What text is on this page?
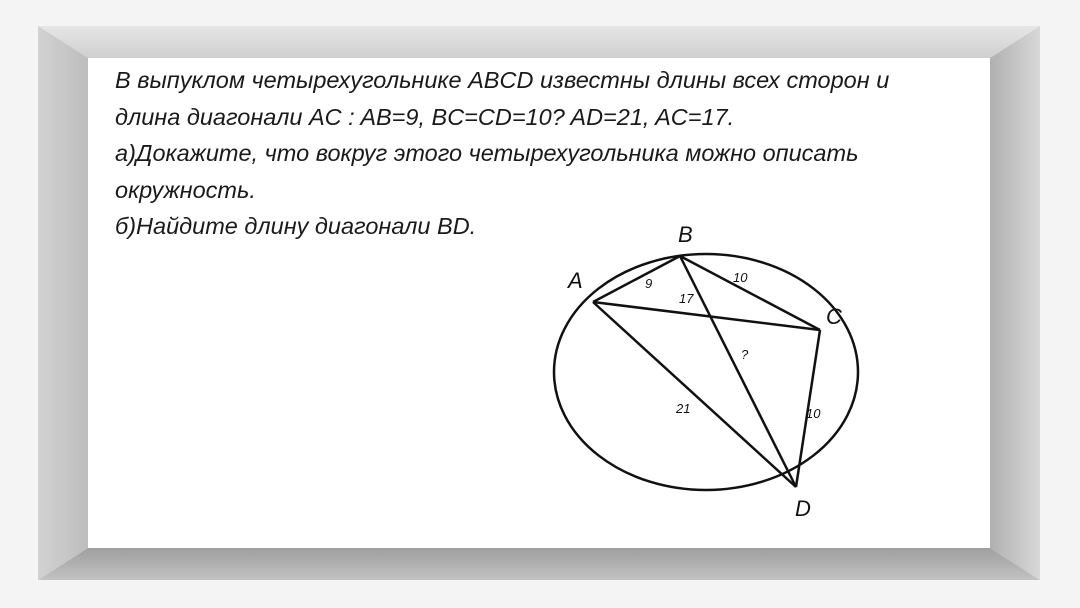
В выпуклом четырехугольнике ABCD известны длины всех сторон и
длина диагонали AC : AB=9, BC=CD=10? AD=21, AC=17.
а)Докажите, что вокруг этого четырехугольника можно описать
окружность.
б)Найдите длину диагонали BD.
A
B
C
D
9	10
17
?
21	10
